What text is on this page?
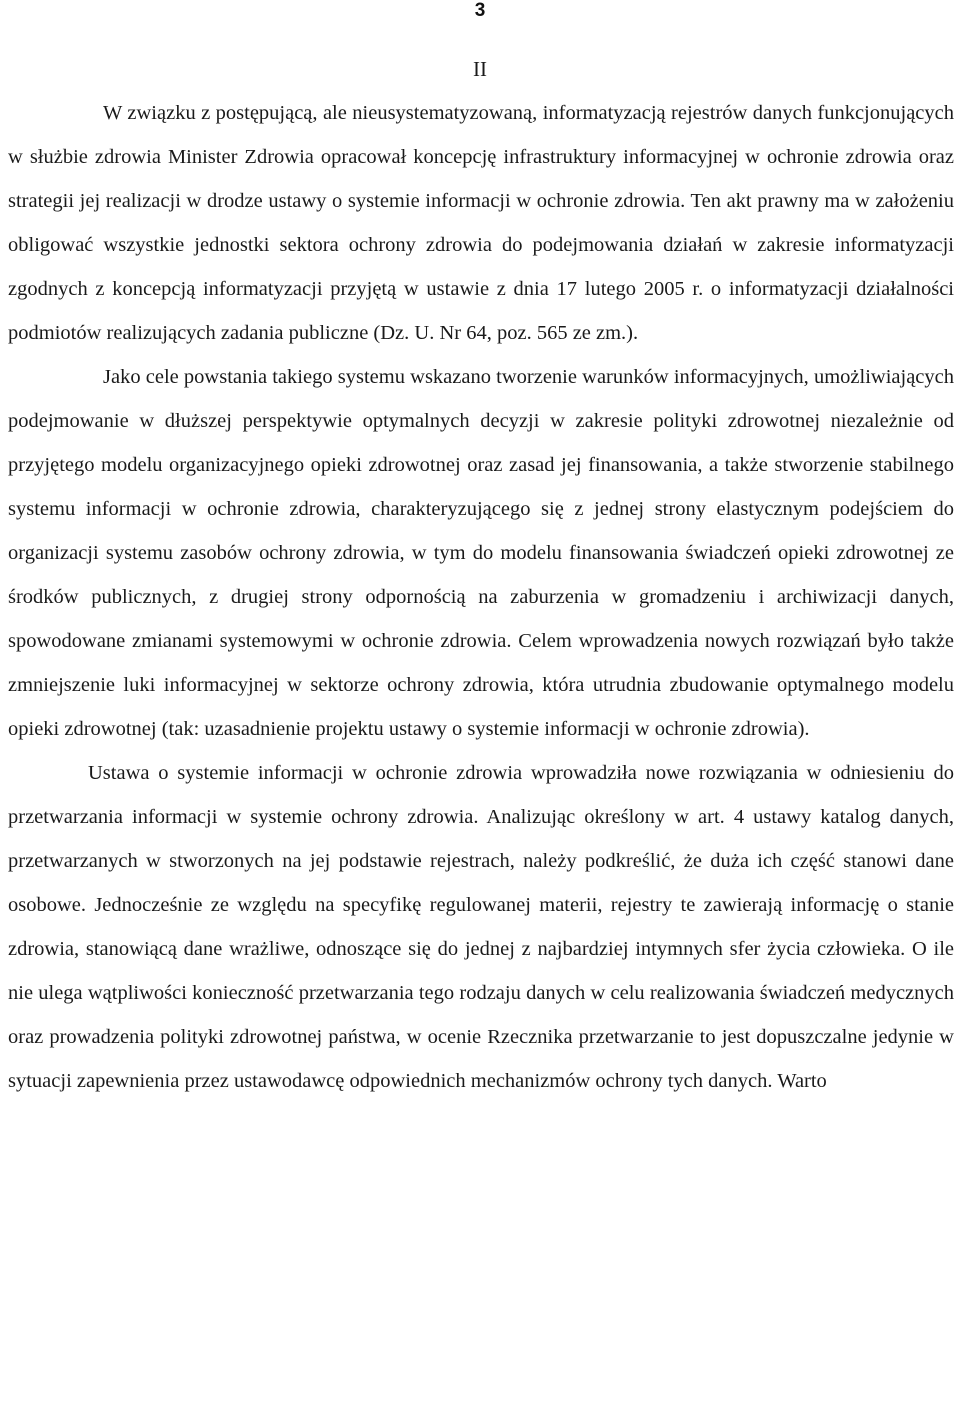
3
II

W związku z postępującą, ale nieusystematyzowaną, informatyzacją rejestrów danych funkcjonujących w służbie zdrowia Minister Zdrowia opracował koncepcję infrastruktury informacyjnej w ochronie zdrowia oraz strategii jej realizacji w drodze ustawy o systemie informacji w ochronie zdrowia. Ten akt prawny ma w założeniu obligować wszystkie jednostki sektora ochrony zdrowia do podejmowania działań w zakresie informatyzacji zgodnych z koncepcją informatyzacji przyjętą w ustawie z dnia 17 lutego 2005 r. o informatyzacji działalności podmiotów realizujących zadania publiczne (Dz. U. Nr 64, poz. 565 ze zm.).

Jako cele powstania takiego systemu wskazano tworzenie warunków informacyjnych, umożliwiających podejmowanie w dłuższej perspektywie optymalnych decyzji w zakresie polityki zdrowotnej niezależnie od przyjętego modelu organizacyjnego opieki zdrowotnej oraz zasad jej finansowania, a także stworzenie stabilnego systemu informacji w ochronie zdrowia, charakteryzującego się z jednej strony elastycznym podejściem do organizacji systemu zasobów ochrony zdrowia, w tym do modelu finansowania świadczeń opieki zdrowotnej ze środków publicznych, z drugiej strony odpornością na zaburzenia w gromadzeniu i archiwizacji danych, spowodowane zmianami systemowymi w ochronie zdrowia. Celem wprowadzenia nowych rozwiązań było także zmniejszenie luki informacyjnej w sektorze ochrony zdrowia, która utrudnia zbudowanie optymalnego modelu opieki zdrowotnej (tak: uzasadnienie projektu ustawy o systemie informacji w ochronie zdrowia).

Ustawa o systemie informacji w ochronie zdrowia wprowadziła nowe rozwiązania w odniesieniu do przetwarzania informacji w systemie ochrony zdrowia. Analizując określony w art. 4 ustawy katalog danych, przetwarzanych w stworzonych na jej podstawie rejestrach, należy podkreślić, że duża ich część stanowi dane osobowe. Jednocześnie ze względu na specyfikę regulowanej materii, rejestry te zawierają informację o stanie zdrowia, stanowiącą dane wrażliwe, odnoszące się do jednej z najbardziej intymnych sfer życia człowieka. O ile nie ulega wątpliwości konieczność przetwarzania tego rodzaju danych w celu realizowania świadczeń medycznych oraz prowadzenia polityki zdrowotnej państwa, w ocenie Rzecznika przetwarzanie to jest dopuszczalne jedynie w sytuacji zapewnienia przez ustawodawcę odpowiednich mechanizmów ochrony tych danych. Warto
